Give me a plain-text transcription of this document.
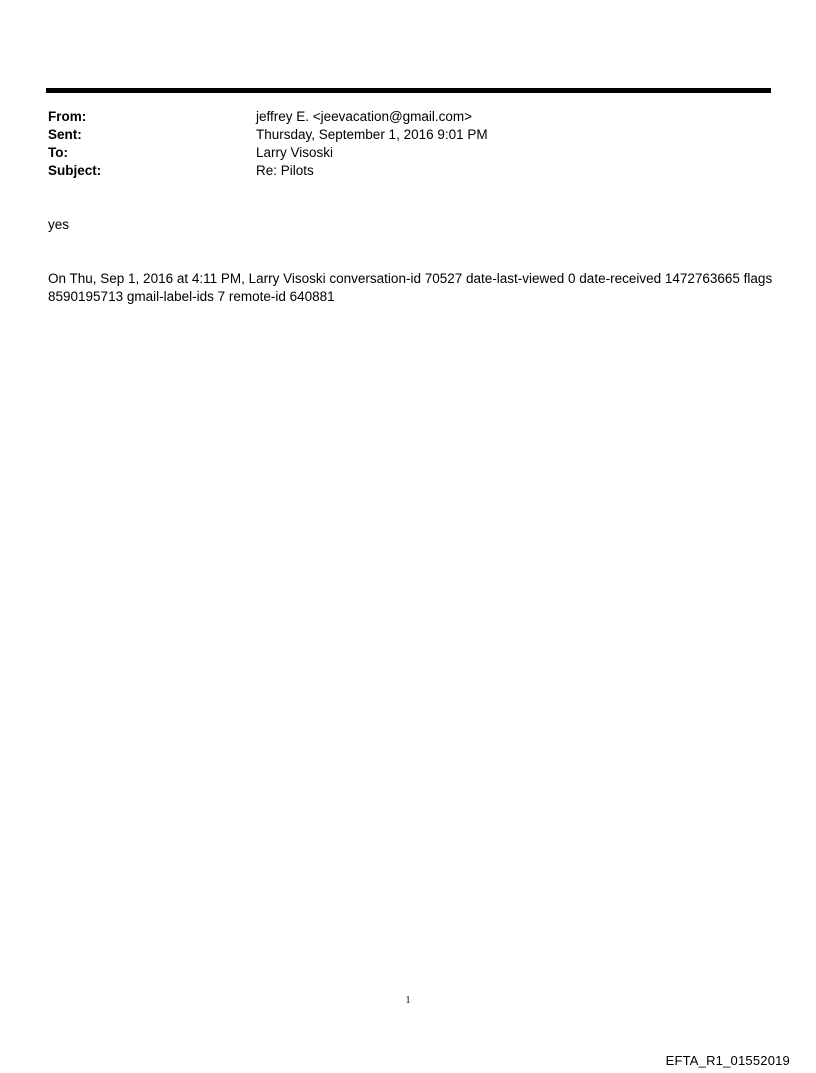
From:	jeffrey E. <jeevacation@gmail.com>
Sent:	Thursday, September 1, 2016 9:01 PM
To:	Larry Visoski
Subject:	Re: Pilots
yes
On Thu, Sep 1, 2016 at 4:11 PM, Larry Visoski conversation-id 70527 date-last-viewed 0 date-received 1472763665 flags
8590195713 gmail-label-ids 7 remote-id 640881
1
EFTA_R1_01552019
